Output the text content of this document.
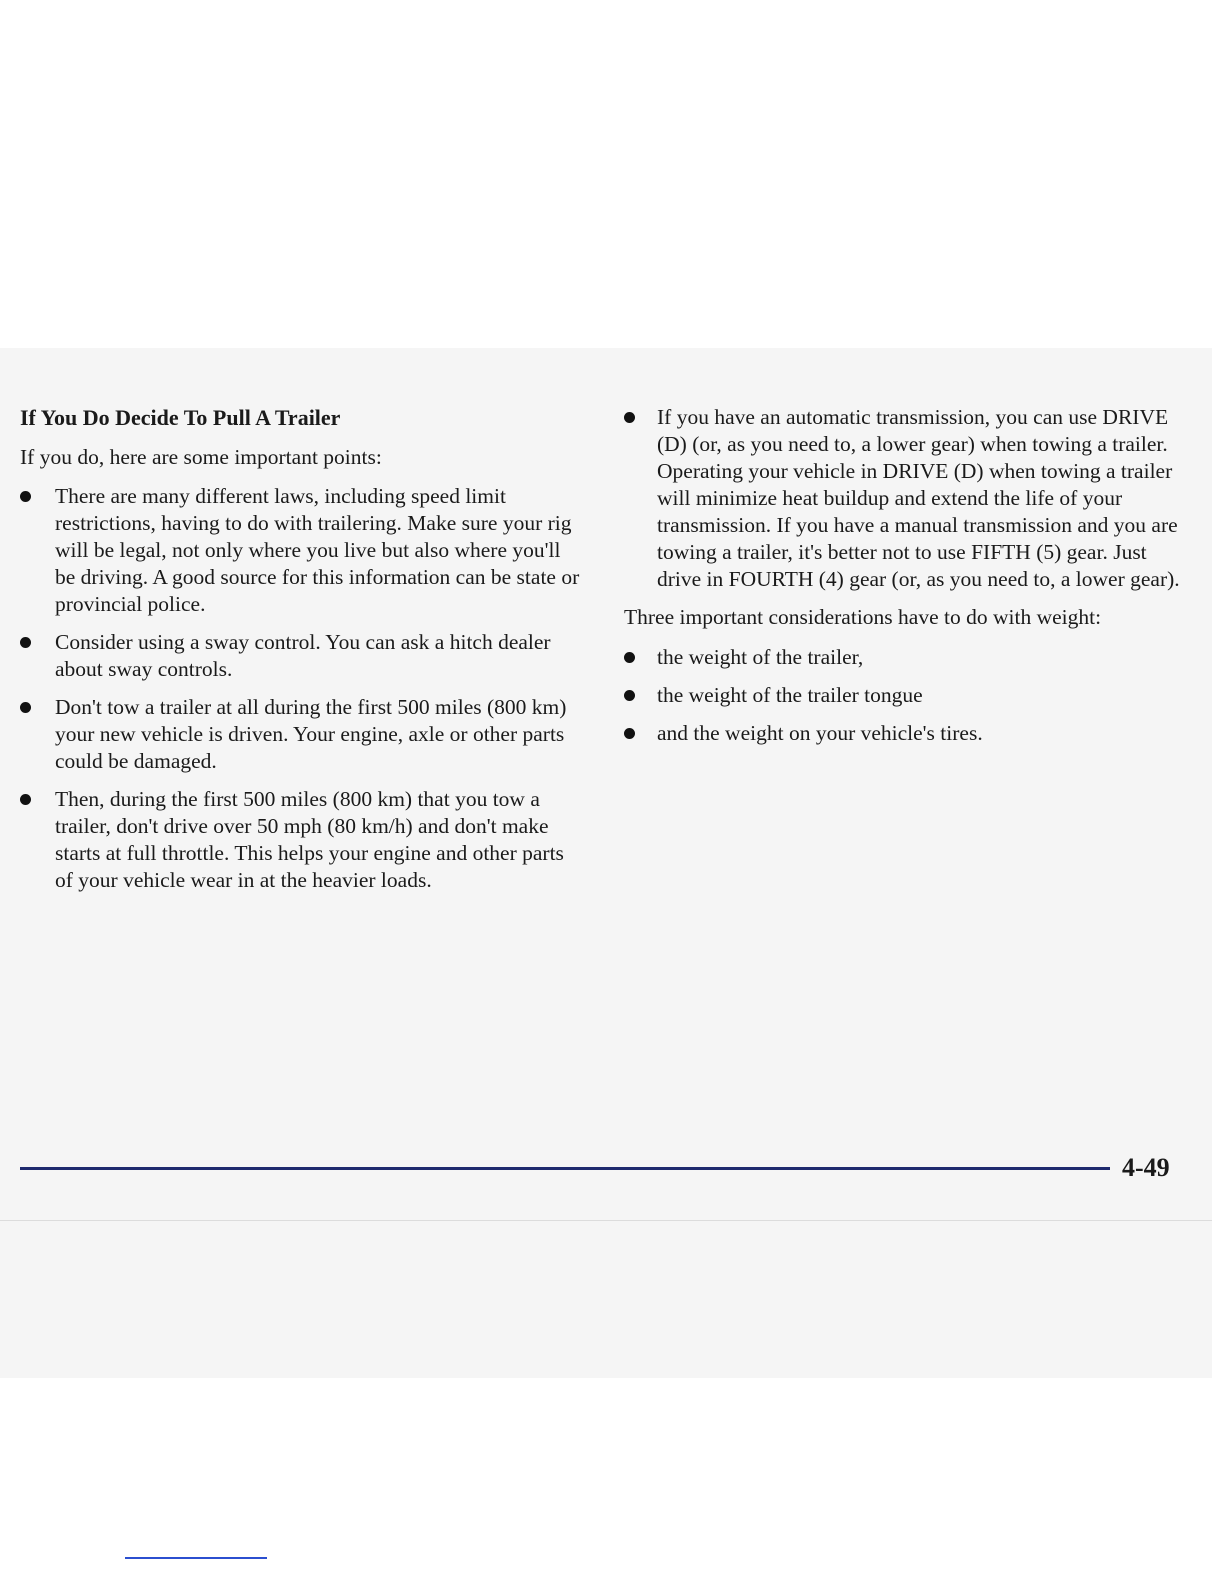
If You Do Decide To Pull A Trailer
If you do, here are some important points:
There are many different laws, including speed limit restrictions, having to do with trailering. Make sure your rig will be legal, not only where you live but also where you'll be driving. A good source for this information can be state or provincial police.
Consider using a sway control. You can ask a hitch dealer about sway controls.
Don't tow a trailer at all during the first 500 miles (800 km) your new vehicle is driven. Your engine, axle or other parts could be damaged.
Then, during the first 500 miles (800 km) that you tow a trailer, don't drive over 50 mph (80 km/h) and don't make starts at full throttle. This helps your engine and other parts of your vehicle wear in at the heavier loads.
If you have an automatic transmission, you can use DRIVE (D) (or, as you need to, a lower gear) when towing a trailer. Operating your vehicle in DRIVE (D) when towing a trailer will minimize heat buildup and extend the life of your transmission. If you have a manual transmission and you are towing a trailer, it's better not to use FIFTH (5) gear. Just drive in FOURTH (4) gear (or, as you need to, a lower gear).
Three important considerations have to do with weight:
the weight of the trailer,
the weight of the trailer tongue
and the weight on your vehicle's tires.
4-49
